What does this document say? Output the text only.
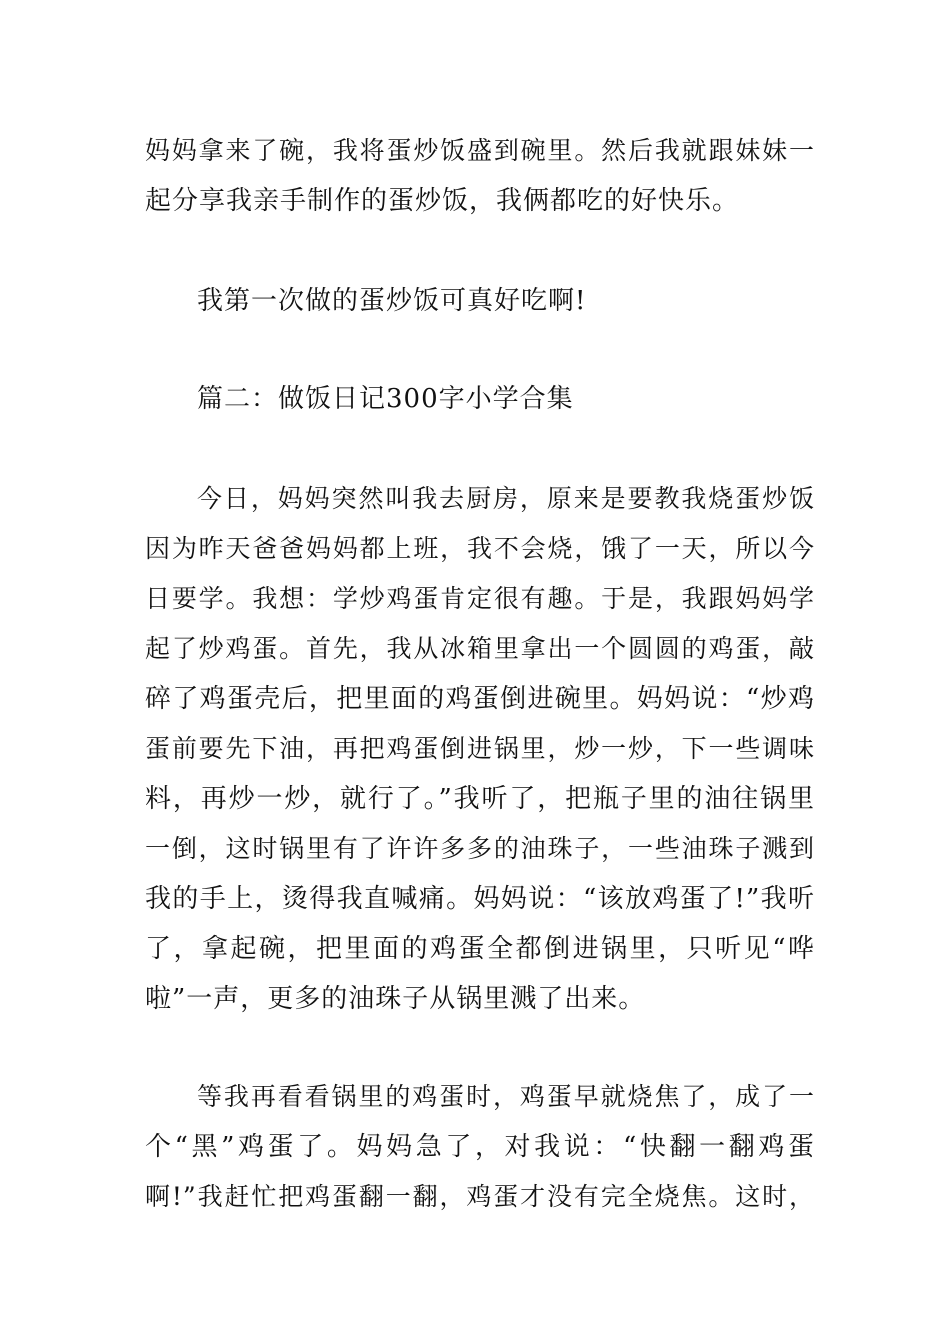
妈妈拿来了碗，我将蛋炒饭盛到碗里。然后我就跟妹妹一
起分享我亲手制作的蛋炒饭，我俩都吃的好快乐。
我第一次做的蛋炒饭可真好吃啊!
篇二：做饭日记300字小学合集
今日，妈妈突然叫我去厨房，原来是要教我烧蛋炒饭
因为昨天爸爸妈妈都上班，我不会烧，饿了一天，所以今
日要学。我想：学炒鸡蛋肯定很有趣。于是，我跟妈妈学
起了炒鸡蛋。首先，我从冰箱里拿出一个圆圆的鸡蛋，敲
碎了鸡蛋壳后，把里面的鸡蛋倒进碗里。妈妈说：“炒鸡
蛋前要先下油，再把鸡蛋倒进锅里，炒一炒，下一些调味
料，再炒一炒，就行了。”我听了，把瓶子里的油往锅里
一倒，这时锅里有了许许多多的油珠子，一些油珠子溅到
我的手上，烫得我直喊痛。妈妈说：“该放鸡蛋了!”我听
了，拿起碗，把里面的鸡蛋全都倒进锅里，只听见“哗
啦”一声，更多的油珠子从锅里溅了出来。
等我再看看锅里的鸡蛋时，鸡蛋早就烧焦了，成了一
个“黑”鸡蛋了。妈妈急了，对我说：“快翻一翻鸡蛋
啊!”我赶忙把鸡蛋翻一翻，鸡蛋才没有完全烧焦。这时，
